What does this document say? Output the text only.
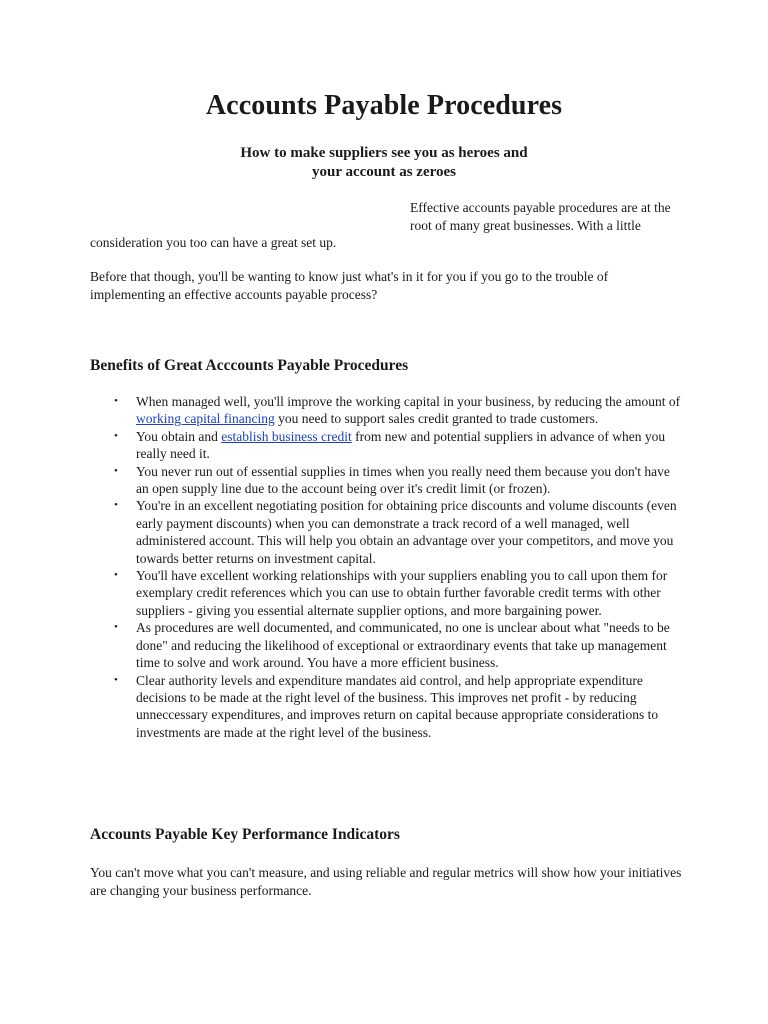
Accounts Payable Procedures
How to make suppliers see you as heroes and
your account as zeroes

Effective accounts payable procedures are at the root of many great businesses. With a little consideration you too can have a great set up.

Before that though, you'll be wanting to know just what's in it for you if you go to the trouble of implementing an effective accounts payable process?

Benefits of Great Acccounts Payable Procedures
• When managed well, you'll improve the working capital in your business, by reducing the amount of working capital financing you need to support sales credit granted to trade customers.
• You obtain and establish business credit from new and potential suppliers in advance of when you really need it.
• You never run out of essential supplies in times when you really need them because you don't have an open supply line due to the account being over it's credit limit (or frozen).
• You're in an excellent negotiating position for obtaining price discounts and volume discounts (even early payment discounts) when you can demonstrate a track record of a well managed, well administered account. This will help you obtain an advantage over your competitors, and move you towards better returns on investment capital.
• You'll have excellent working relationships with your suppliers enabling you to call upon them for exemplary credit references which you can use to obtain further favorable credit terms with other suppliers - giving you essential alternate supplier options, and more bargaining power.
• As procedures are well documented, and communicated, no one is unclear about what "needs to be done" and reducing the likelihood of exceptional or extraordinary events that take up management time to solve and work around. You have a more efficient business.
• Clear authority levels and expenditure mandates aid control, and help appropriate expenditure decisions to be made at the right level of the business. This improves net profit - by reducing unneccessary expenditures, and improves return on capital because appropriate considerations to investments are made at the right level of the business.
Accounts Payable Key Performance Indicators

You can't move what you can't measure, and using reliable and regular metrics will show how your initiatives are changing your business performance.
